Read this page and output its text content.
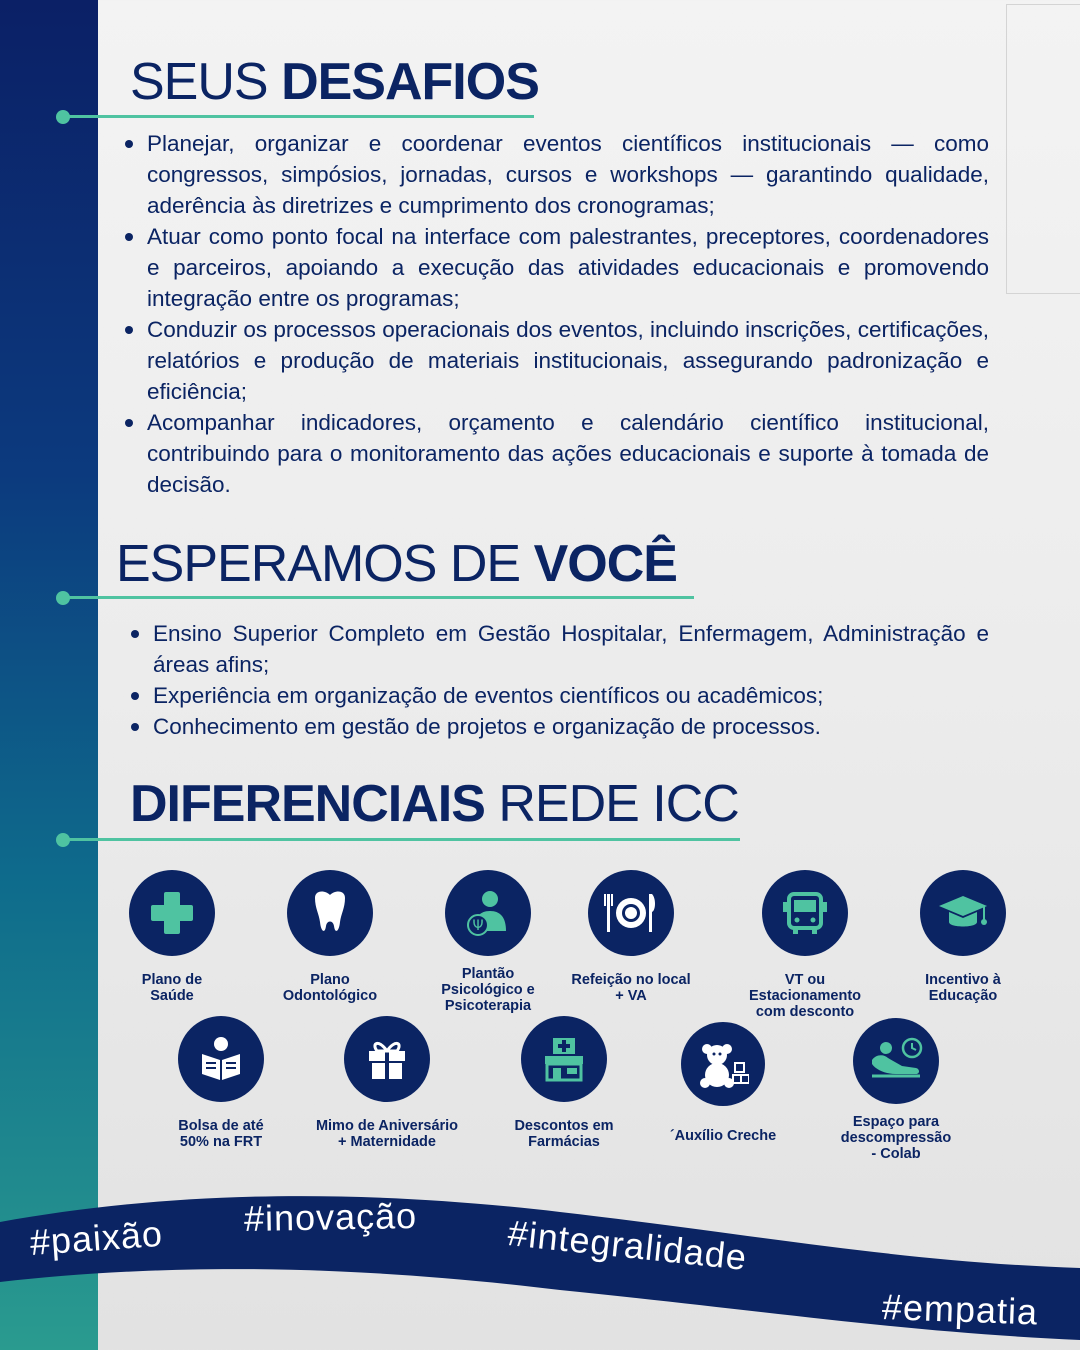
SEUS DESAFIOS
Planejar, organizar e coordenar eventos científicos institucionais — como congressos, simpósios, jornadas, cursos e workshops — garantindo qualidade, aderência às diretrizes e cumprimento dos cronogramas;
Atuar como ponto focal na interface com palestrantes, preceptores, coordenadores e parceiros, apoiando a execução das atividades educacionais e promovendo integração entre os programas;
Conduzir os processos operacionais dos eventos, incluindo inscrições, certificações, relatórios e produção de materiais institucionais, assegurando padronização e eficiência;
Acompanhar indicadores, orçamento e calendário científico institucional, contribuindo para o monitoramento das ações educacionais e suporte à tomada de decisão.
ESPERAMOS DE VOCÊ
Ensino Superior Completo em Gestão Hospitalar, Enfermagem, Administração e áreas afins;
Experiência em organização de eventos científicos ou acadêmicos;
Conhecimento em gestão de projetos e organização de processos.
DIFERENCIAIS REDE ICC
Plano de
Saúde
Plano
Odontológico
Ψ
Plantão
Psicológico e
Psicoterapia
Refeição no local
+ VA
VT ou
Estacionamento
com desconto
Incentivo à
Educação
Bolsa de até
50% na FRT
Mimo de Aniversário
+ Maternidade
Descontos em
Farmácias	´Auxílio Creche
Espaço para
descompressão
- Colab
#paixão #inovação #integralidade
#empatia
